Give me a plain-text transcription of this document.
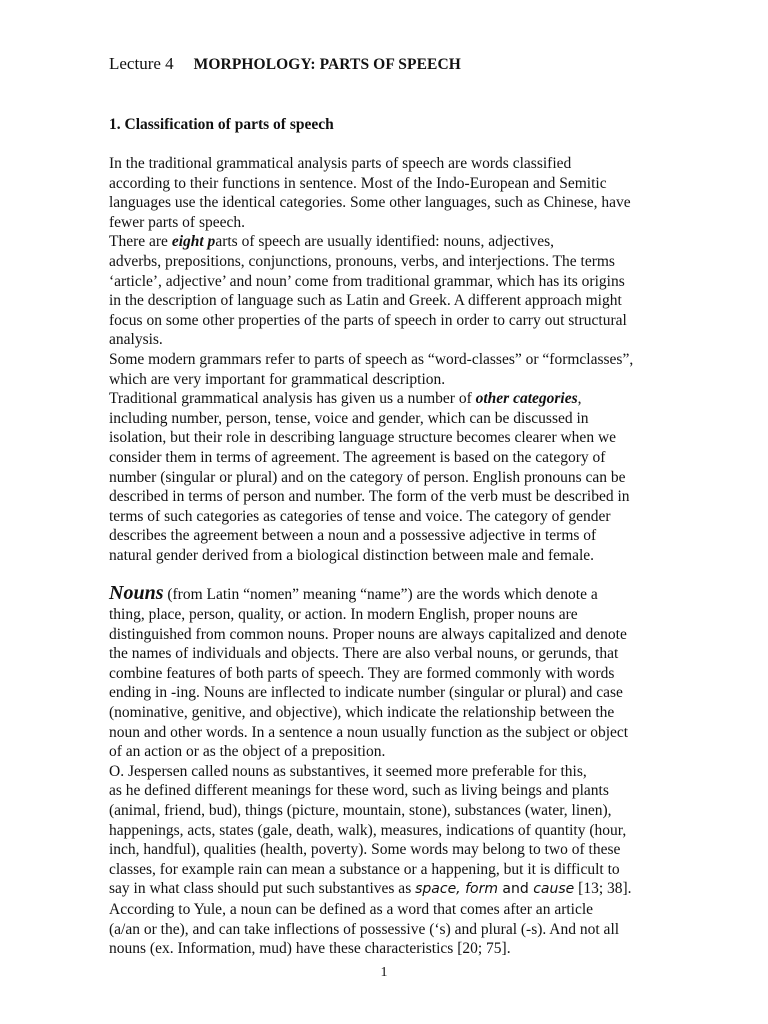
Lecture 4 MORPHOLOGY: PARTS OF SPEECH
1. Classification of parts of speech

In the traditional grammatical analysis parts of speech are words classified
according to their functions in sentence. Most of the Indo-European and Semitic
languages use the identical categories. Some other languages, such as Chinese, have
fewer parts of speech.

There are eight parts of speech are usually identified: nouns, adjectives,
adverbs, prepositions, conjunctions, pronouns, verbs, and interjections. The terms
‘article’, adjective’ and noun’ come from traditional grammar, which has its origins
in the description of language such as Latin and Greek. A different approach might
focus on some other properties of the parts of speech in order to carry out structural
analysis.

Some modern grammars refer to parts of speech as “word-classes” or “formclasses”,
which are very important for grammatical description.

Traditional grammatical analysis has given us a number of other categories,
including number, person, tense, voice and gender, which can be discussed in
isolation, but their role in describing language structure becomes clearer when we
consider them in terms of agreement. The agreement is based on the category of
number (singular or plural) and on the category of person. English pronouns can be
described in terms of person and number. The form of the verb must be described in
terms of such categories as categories of tense and voice. The category of gender
describes the agreement between a noun and a possessive adjective in terms of
natural gender derived from a biological distinction between male and female.

Nouns (from Latin “nomen” meaning “name”) are the words which denote a
thing, place, person, quality, or action. In modern English, proper nouns are
distinguished from common nouns. Proper nouns are always capitalized and denote
the names of individuals and objects. There are also verbal nouns, or gerunds, that
combine features of both parts of speech. They are formed commonly with words
ending in -ing. Nouns are inflected to indicate number (singular or plural) and case
(nominative, genitive, and objective), which indicate the relationship between the
noun and other words. In a sentence a noun usually function as the subject or object
of an action or as the object of a preposition.

O. Jespersen called nouns as substantives, it seemed more preferable for this,
as he defined different meanings for these word, such as living beings and plants
(animal, friend, bud), things (picture, mountain, stone), substances (water, linen),
happenings, acts, states (gale, death, walk), measures, indications of quantity (hour,
inch, handful), qualities (health, poverty). Some words may belong to two of these
classes, for example rain can mean a substance or a happening, but it is difficult to
say in what class should put such substantives as space, form and cause [13; 38].

According to Yule, a noun can be defined as a word that comes after an article
(a/an or the), and can take inflections of possessive (‘s) and plural (-s). And not all
nouns (ex. Information, mud) have these characteristics [20; 75].

1
